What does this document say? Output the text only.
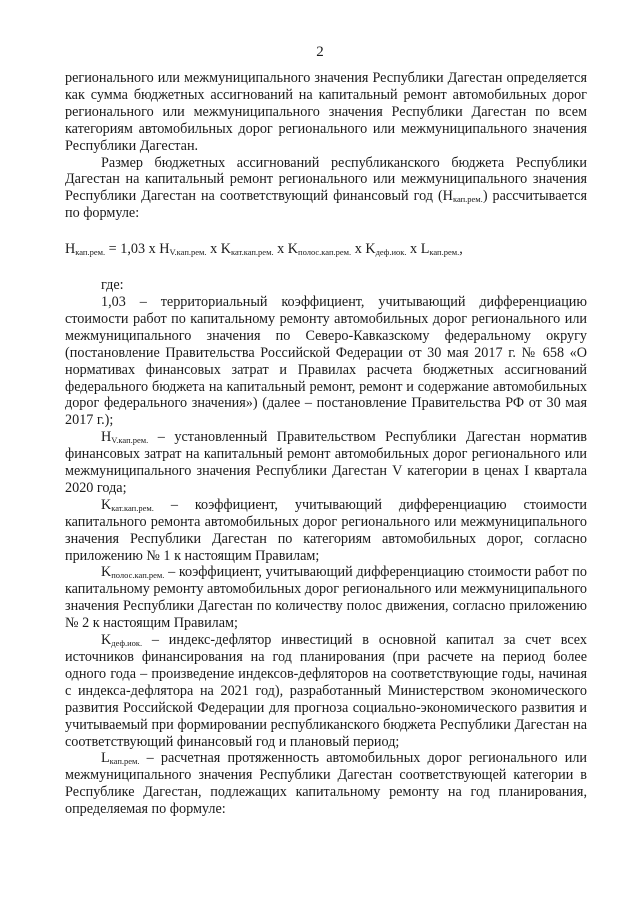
2

регионального или межмуниципального значения Республики Дагестан определяется как сумма бюджетных ассигнований на капитальный ремонт автомобильных дорог регионального или межмуниципального значения Республики Дагестан по всем категориям автомобильных дорог регионального или межмуниципального значения Республики Дагестан.

Размер бюджетных ассигнований республиканского бюджета Республики Дагестан на капитальный ремонт регионального или межмуниципального значения Республики Дагестан на соответствующий финансовый год $(H_{кап.рем.})$ рассчитывается по формуле:

$H_{кап.рем.} = 1,03$ x $H_{V.кап.рем.}$ x $K_{кат.кап.рем.}$ x $K_{полос.кап.рем.}$ x $K_{деф.иок.}$ x $L_{кап.рем.}$,

где:

1,03 – территориальный коэффициент, учитывающий дифференциацию стоимости работ по капитальному ремонту автомобильных дорог регионального или межмуниципального значения по Северо-Кавказскому федеральному округу (постановление Правительства Российской Федерации от 30 мая 2017 г. № 658 «О нормативах финансовых затрат и Правилах расчета бюджетных ассигнований федерального бюджета на капитальный ремонт, ремонт и содержание автомобильных дорог федерального значения») (далее – постановление Правительства РФ от 30 мая 2017 г.);

$H_{V.кап.рем.}$ – установленный Правительством Республики Дагестан норматив финансовых затрат на капитальный ремонт автомобильных дорог регионального или межмуниципального значения Республики Дагестан V категории в ценах I квартала 2020 года;

$K_{кат.кап.рем.}$ – коэффициент, учитывающий дифференциацию стоимости капитального ремонта автомобильных дорог регионального или межмуниципального значения Республики Дагестан по категориям автомобильных дорог, согласно приложению № 1 к настоящим Правилам;

$K_{полос.кап.рем.}$ – коэффициент, учитывающий дифференциацию стоимости работ по капитальному ремонту автомобильных дорог регионального или межмуниципального значения Республики Дагестан по количеству полос движения, согласно приложению № 2 к настоящим Правилам;

$K_{деф.иок.}$ – индекс-дефлятор инвестиций в основной капитал за счет всех источников финансирования на год планирования (при расчете на период более одного года – произведение индексов-дефляторов на соответствующие годы, начиная с индекса-дефлятора на 2021 год), разработанный Министерством экономического развития Российской Федерации для прогноза социально-экономического развития и учитываемый при формировании республиканского бюджета Республики Дагестан на соответствующий финансовый год и плановый период;

$L_{кап.рем.}$ – расчетная протяженность автомобильных дорог регионального или межмуниципального значения Республики Дагестан соответствующей категории в Республике Дагестан, подлежащих капитальному ремонту на год планирования, определяемая по формуле:
